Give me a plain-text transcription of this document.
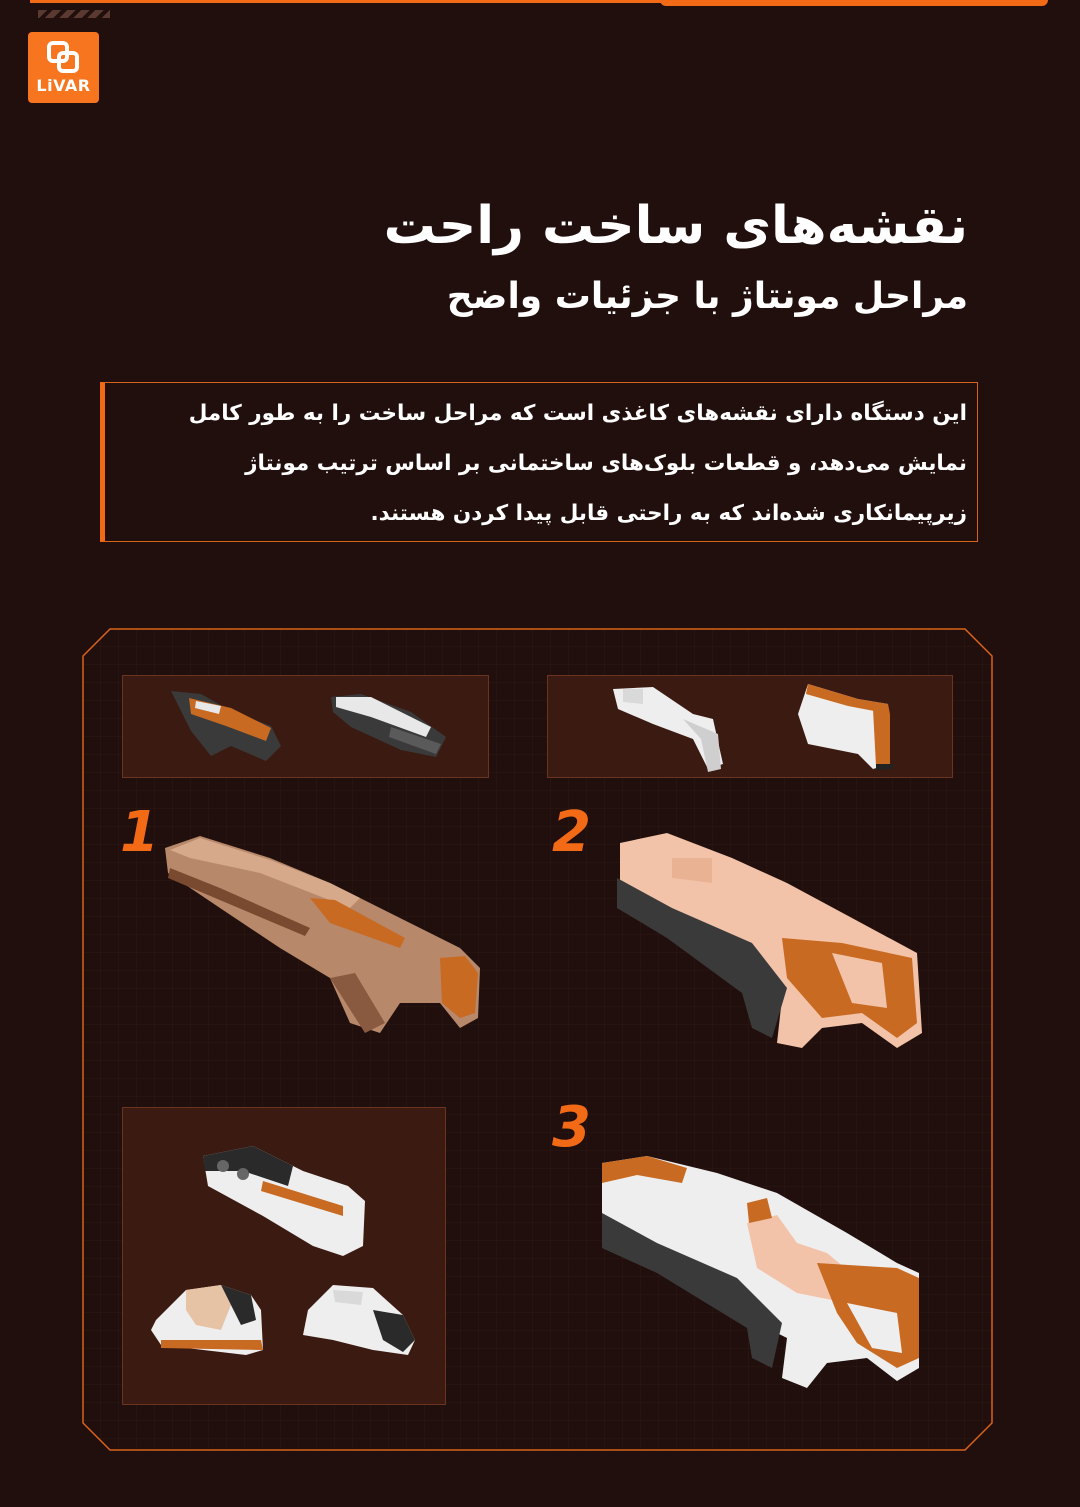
LiVAR
نقشه‌های ساخت راحت
مراحل مونتاژ با جزئیات واضح
این دستگاه دارای نقشه‌های کاغذی است که مراحل ساخت را به طور کامل نمایش می‌دهد، و قطعات بلوک‌های ساختمانی بر اساس ترتیب مونتاژ زیرپیمانکاری شده‌اند که به راحتی قابل پیدا کردن هستند.
1	2
3
